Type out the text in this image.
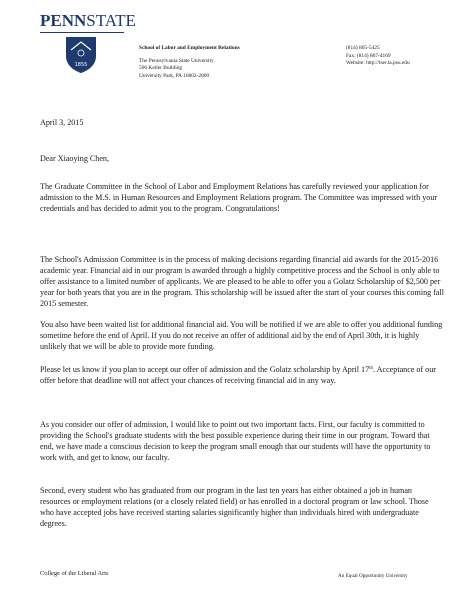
PENNSTATE
1855
School of Labor and Employment Relations
The Pennsylvania State University
506 Keller Building
University Park, PA 16802-2800
(814) 865-5425
Fax: (814) 867-4169
Website: http://lser.la.psu.edu
April 3, 2015
Dear Xiaoying Chen,

The Graduate Committee in the School of Labor and Employment Relations has carefully reviewed your application for admission to the M.S. in Human Resources and Employment Relations program. The Committee was impressed with your credentials and has decided to admit you to the program. Congratulations!

The School's Admission Committee is in the process of making decisions regarding financial aid awards for the 2015-2016 academic year. Financial aid in our program is awarded through a highly competitive process and the School is only able to offer assistance to a limited number of applicants. We are pleased to be able to offer you a Golatz Scholarship of $2,500 per year for both years that you are in the program. This scholarship will be issued after the start of your courses this coming fall 2015 semester.

You also have been waited list for additional financial aid. You will be notified if we are able to offer you additional funding sometime before the end of April. If you do not receive an offer of additional aid by the end of April 30th, it is highly unlikely that we will be able to provide more funding.

Please let us know if you plan to accept our offer of admission and the Golatz scholarship by April 17th. Acceptance of our offer before that deadline will not affect your chances of receiving financial aid in any way.

As you consider our offer of admission, I would like to point out two important facts. First, our faculty is committed to providing the School's graduate students with the best possible experience during their time in our program. Toward that end, we have made a conscious decision to keep the program small enough that our students will have the opportunity to work with, and get to know, our faculty.

Second, every student who has graduated from our program in the last ten years has either obtained a job in human resources or employment relations (or a closely related field) or has enrolled in a doctoral program or law school. Those who have accepted jobs have received starting salaries significantly higher than individuals hired with undergraduate degrees.

College of the Liberal Arts	An Equal Opportunity University
